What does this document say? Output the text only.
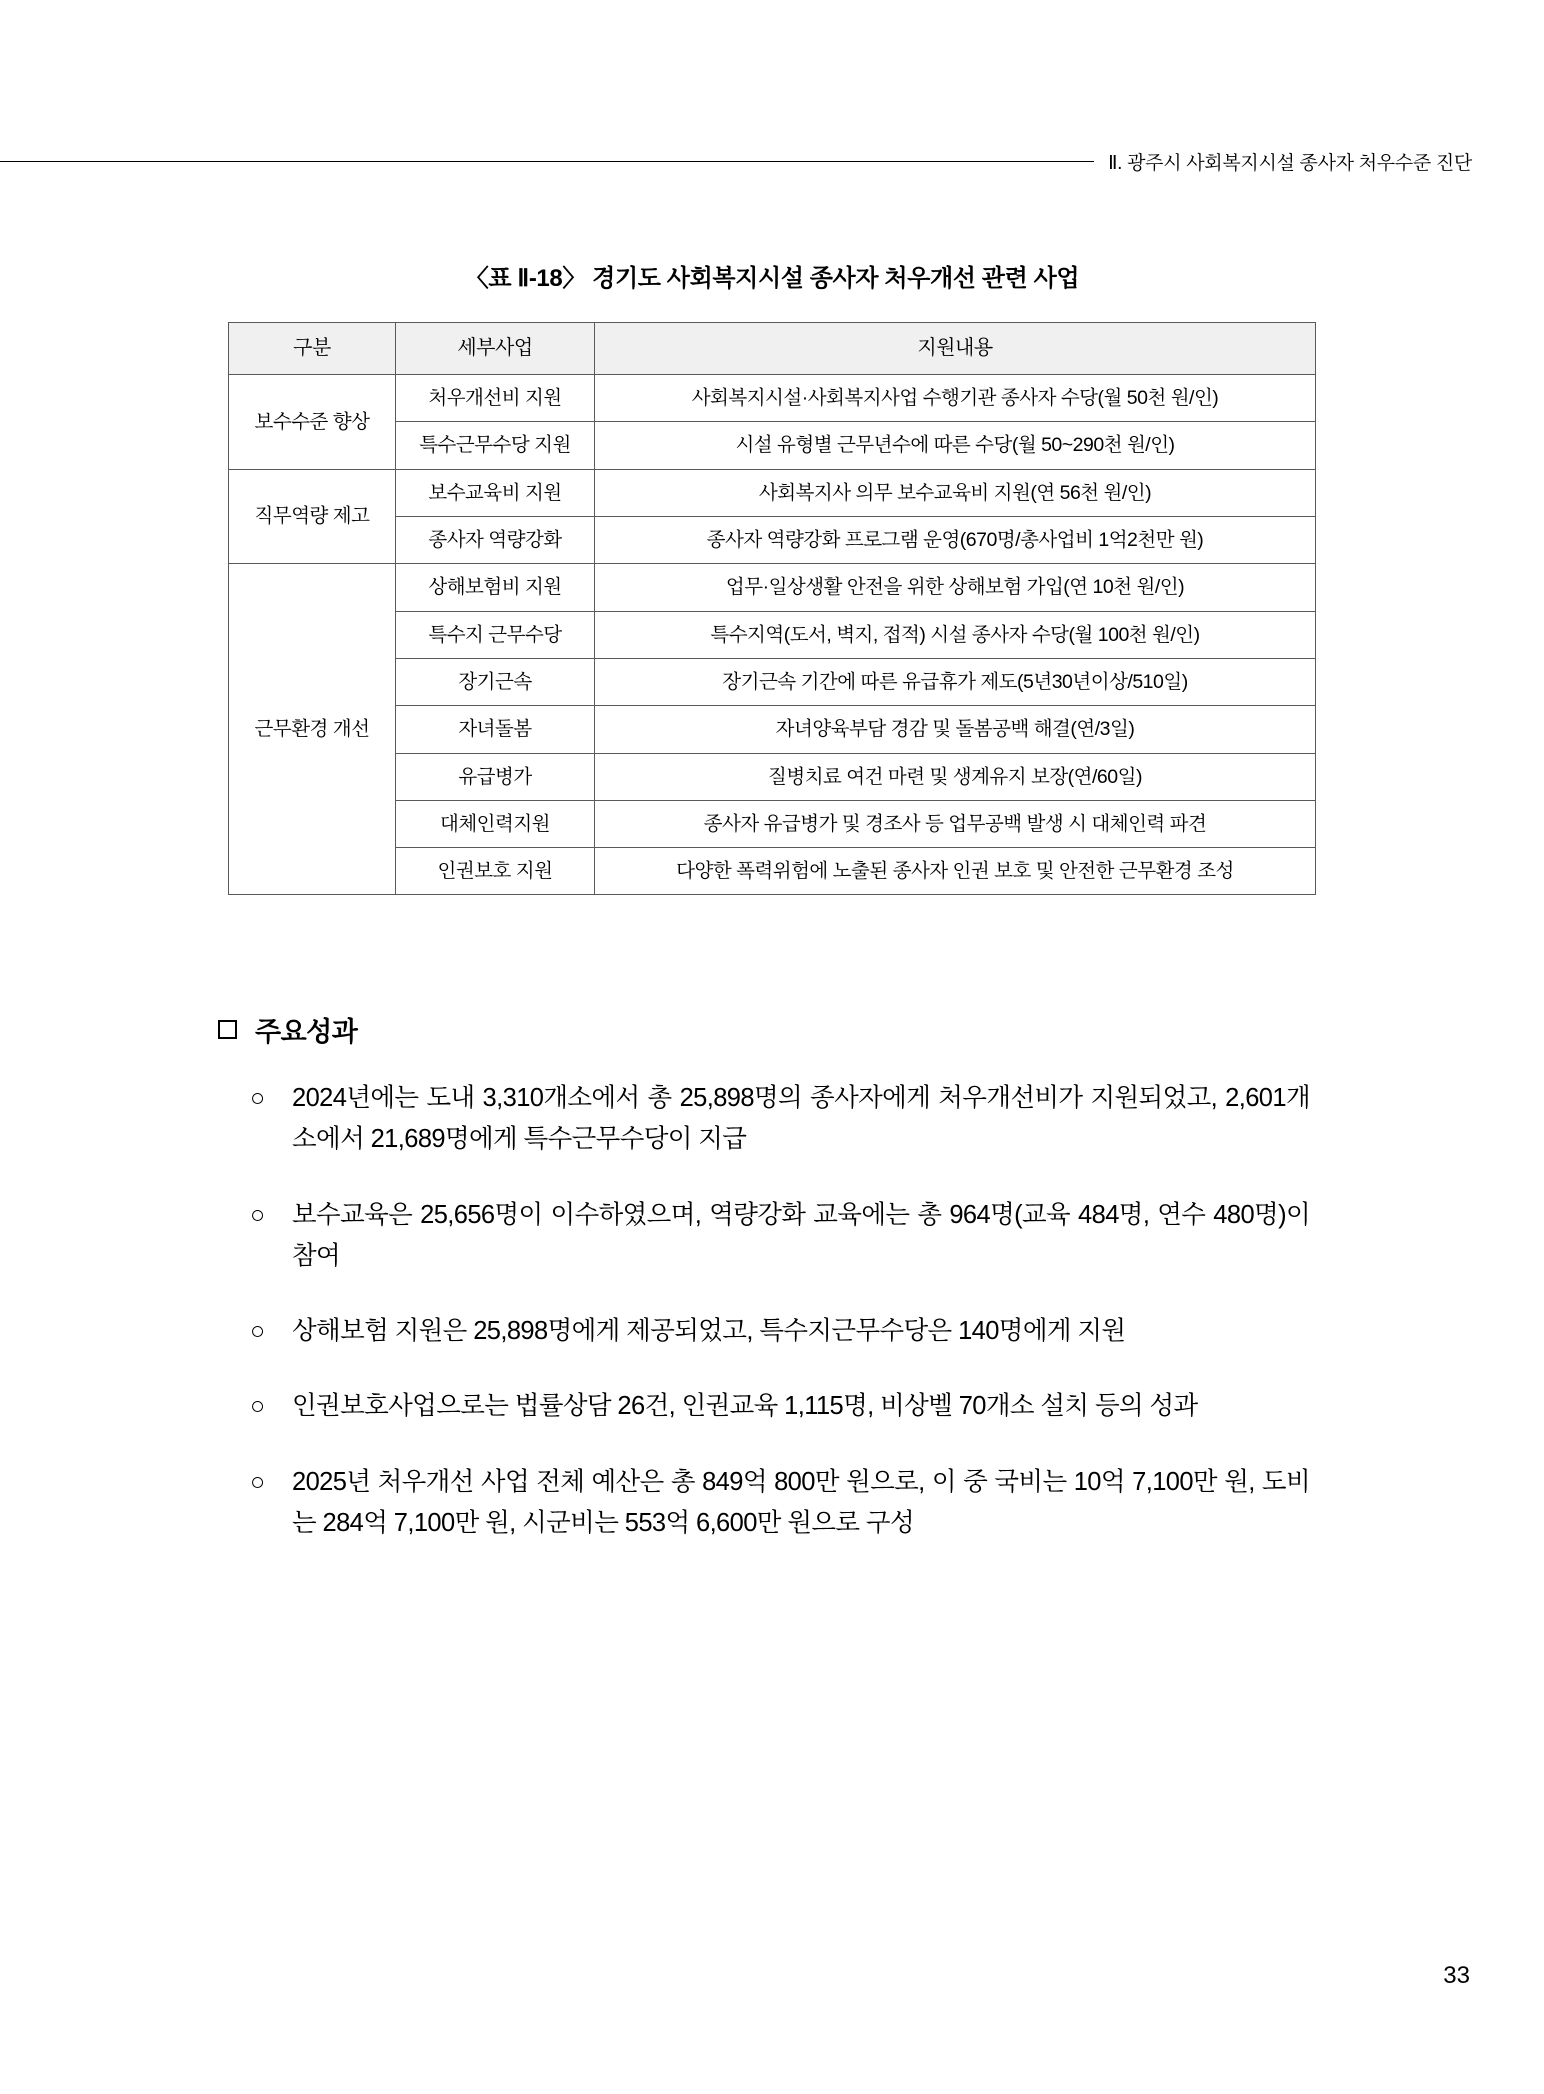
Ⅱ. 광주시 사회복지시설 종사자 처우수준 진단
〈표 Ⅱ-18〉 경기도 사회복지시설 종사자 처우개선 관련 사업
구분	세부사업	지원내용
보수수준 향상	처우개선비 지원	사회복지시설·사회복지사업 수행기관 종사자 수당(월 50천 원/인)
	특수근무수당 지원	시설 유형별 근무년수에 따른 수당(월 50~290천 원/인)
직무역량 제고	보수교육비 지원	사회복지사 의무 보수교육비 지원(연 56천 원/인)
	종사자 역량강화	종사자 역량강화 프로그램 운영(670명/총사업비 1억2천만 원)
근무환경 개선	상해보험비 지원	업무·일상생활 안전을 위한 상해보험 가입(연 10천 원/인)
	특수지 근무수당	특수지역(도서, 벽지, 접적) 시설 종사자 수당(월 100천 원/인)
	장기근속	장기근속 기간에 따른 유급휴가 제도(5년30년이상/510일)
	자녀돌봄	자녀양육부담 경감 및 돌봄공백 해결(연/3일)
	유급병가	질병치료 여건 마련 및 생계유지 보장(연/60일)
	대체인력지원	종사자 유급병가 및 경조사 등 업무공백 발생 시 대체인력 파견
	인권보호 지원	다양한 폭력위험에 노출된 종사자 인권 보호 및 안전한 근무환경 조성
주요성과
○	2024년에는 도내 3,310개소에서 총 25,898명의 종사자에게 처우개선비가 지원되었고, 2,601개소에서 21,689명에게 특수근무수당이 지급
○	보수교육은 25,656명이 이수하였으며, 역량강화 교육에는 총 964명(교육 484명, 연수 480명)이 참여
○	상해보험 지원은 25,898명에게 제공되었고, 특수지근무수당은 140명에게 지원
○	인권보호사업으로는 법률상담 26건, 인권교육 1,115명, 비상벨 70개소 설치 등의 성과
○	2025년 처우개선 사업 전체 예산은 총 849억 800만 원으로, 이 중 국비는 10억 7,100만 원, 도비는 284억 7,100만 원, 시군비는 553억 6,600만 원으로 구성
33
